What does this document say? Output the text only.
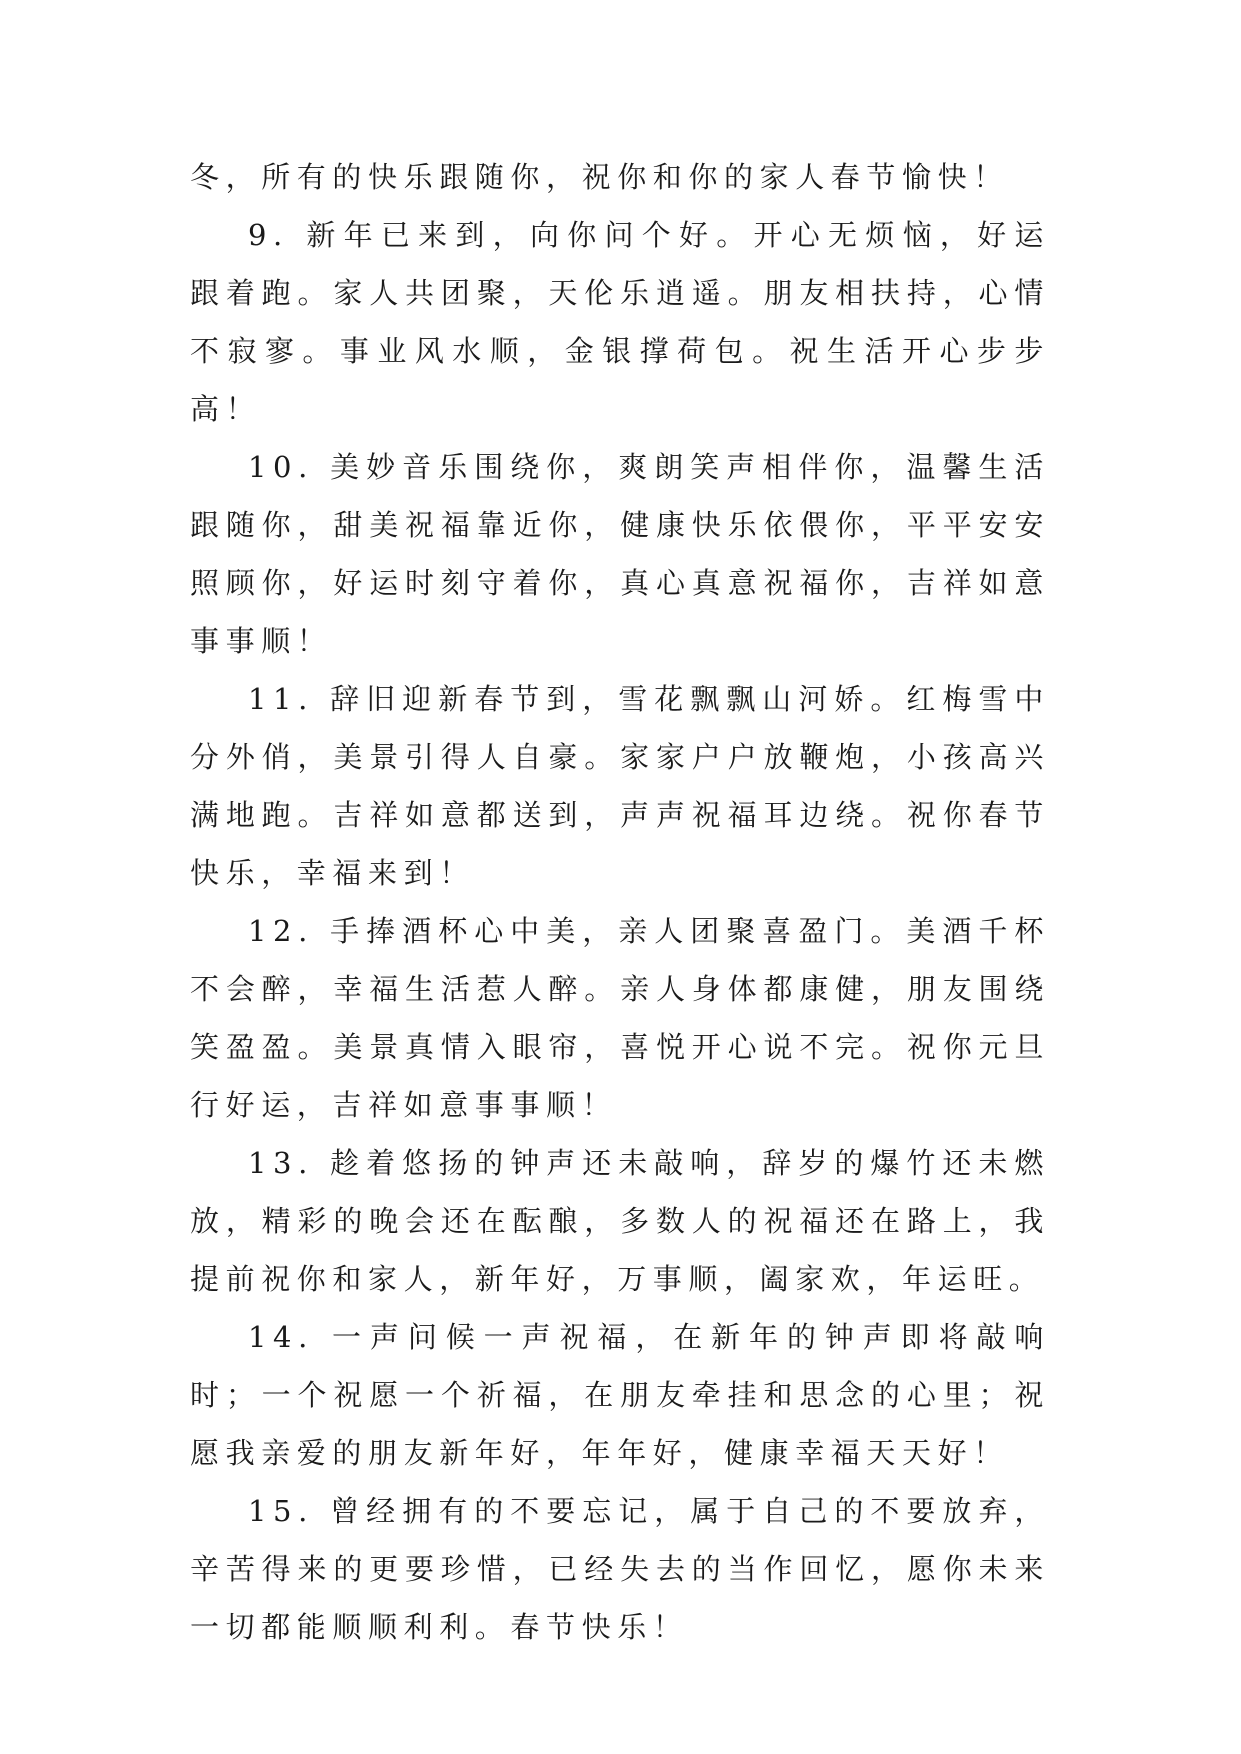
冬，所有的快乐跟随你，祝你和你的家人春节愉快！

9. 新年已来到，向你问个好。开心无烦恼，好运跟着跑。家人共团聚，天伦乐逍遥。朋友相扶持，心情不寂寥。事业风水顺，金银撑荷包。祝生活开心步步高！

10. 美妙音乐围绕你，爽朗笑声相伴你，温馨生活跟随你，甜美祝福靠近你，健康快乐依偎你，平平安安照顾你，好运时刻守着你，真心真意祝福你，吉祥如意事事顺！

11. 辞旧迎新春节到，雪花飘飘山河娇。红梅雪中分外俏，美景引得人自豪。家家户户放鞭炮，小孩高兴满地跑。吉祥如意都送到，声声祝福耳边绕。祝你春节快乐，幸福来到！

12. 手捧酒杯心中美，亲人团聚喜盈门。美酒千杯不会醉，幸福生活惹人醉。亲人身体都康健，朋友围绕笑盈盈。美景真情入眼帘，喜悦开心说不完。祝你元旦行好运，吉祥如意事事顺！

13. 趁着悠扬的钟声还未敲响，辞岁的爆竹还未燃放，精彩的晚会还在酝酿，多数人的祝福还在路上，我提前祝你和家人，新年好，万事顺，阖家欢，年运旺。

14. 一声问候一声祝福，在新年的钟声即将敲响时；一个祝愿一个祈福，在朋友牵挂和思念的心里；祝愿我亲爱的朋友新年好，年年好，健康幸福天天好！

15. 曾经拥有的不要忘记，属于自己的不要放弃，辛苦得来的更要珍惜，已经失去的当作回忆，愿你未来一切都能顺顺利利。春节快乐！
